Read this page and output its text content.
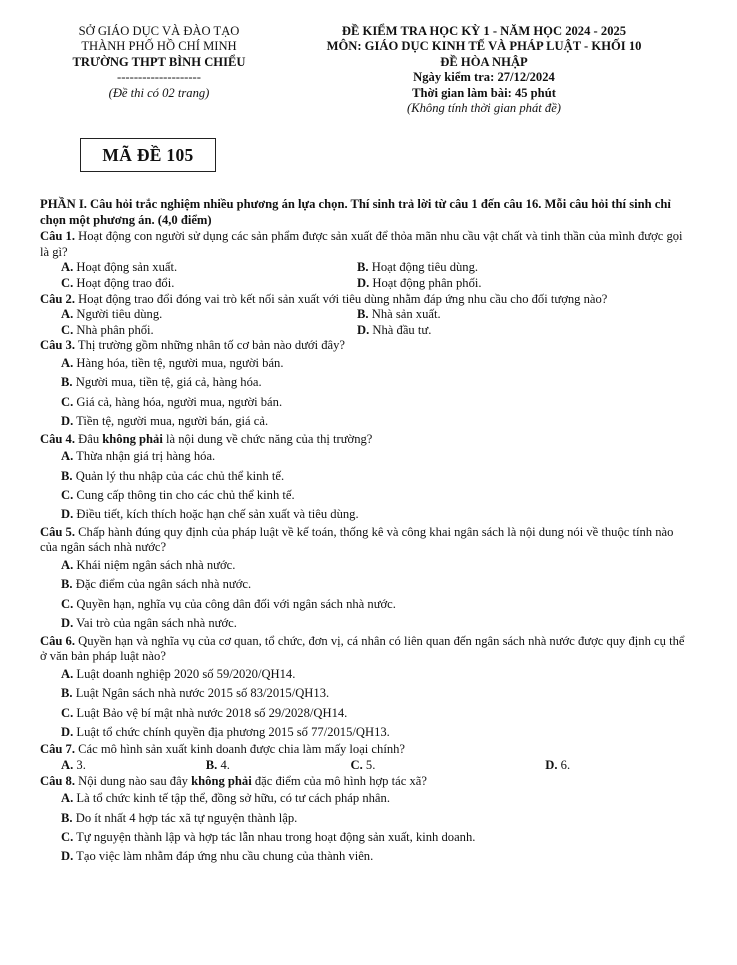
SỞ GIÁO DỤC VÀ ĐÀO TẠO
THÀNH PHỐ HỒ CHÍ MINH
TRƯỜNG THPT BÌNH CHIỂU
--------------------
(Đề thi có 02 trang)
ĐỀ KIỂM TRA HỌC KỲ 1 - NĂM HỌC 2024 - 2025
MÔN: GIÁO DỤC KINH TẾ VÀ PHÁP LUẬT - KHỐI 10
ĐỀ HÒA NHẬP
Ngày kiểm tra: 27/12/2024
Thời gian làm bài: 45 phút
(Không tính thời gian phát đề)
MÃ ĐỀ 105
PHẦN I. Câu hỏi trắc nghiệm nhiều phương án lựa chọn. Thí sinh trả lời từ câu 1 đến câu 16. Mỗi câu hỏi thí sinh chỉ chọn một phương án. (4,0 điểm)
Câu 1. Hoạt động con người sử dụng các sản phẩm được sản xuất để thỏa mãn nhu cầu vật chất và tinh thần của mình được gọi là gì?
A. Hoạt động sản xuất.	B. Hoạt động tiêu dùng.
C. Hoạt động trao đổi.	D. Hoạt động phân phối.
Câu 2. Hoạt động trao đổi đóng vai trò kết nối sản xuất với tiêu dùng nhằm đáp ứng nhu cầu cho đối tượng nào?
A. Người tiêu dùng.	B. Nhà sản xuất.
C. Nhà phân phối.	D. Nhà đầu tư.
Câu 3. Thị trường gồm những nhân tố cơ bản nào dưới đây?
A. Hàng hóa, tiền tệ, người mua, người bán.
B. Người mua, tiền tệ, giá cả, hàng hóa.
C. Giá cả, hàng hóa, người mua, người bán.
D. Tiền tệ, người mua, người bán, giá cả.
Câu 4. Đâu không phải là nội dung về chức năng của thị trường?
A. Thừa nhận giá trị hàng hóa.
B. Quản lý thu nhập của các chủ thể kinh tế.
C. Cung cấp thông tin cho các chủ thể kinh tế.
D. Điều tiết, kích thích hoặc hạn chế sản xuất và tiêu dùng.
Câu 5. Chấp hành đúng quy định của pháp luật về kế toán, thống kê và công khai ngân sách là nội dung nói về thuộc tính nào của ngân sách nhà nước?
A. Khái niệm ngân sách nhà nước.
B. Đặc điểm của ngân sách nhà nước.
C. Quyền hạn, nghĩa vụ của công dân đối với ngân sách nhà nước.
D. Vai trò của ngân sách nhà nước.
Câu 6. Quyền hạn và nghĩa vụ của cơ quan, tổ chức, đơn vị, cá nhân có liên quan đến ngân sách nhà nước được quy định cụ thể ở văn bản pháp luật nào?
A. Luật doanh nghiệp 2020 số 59/2020/QH14.
B. Luật Ngân sách nhà nước 2015 số 83/2015/QH13.
C. Luật Bảo vệ bí mật nhà nước 2018 số 29/2028/QH14.
D. Luật tổ chức chính quyền địa phương 2015 số 77/2015/QH13.
Câu 7. Các mô hình sản xuất kinh doanh được chia làm mấy loại chính?
A. 3.	B. 4.	C. 5.	D. 6.
Câu 8. Nội dung nào sau đây không phải đặc điểm của mô hình hợp tác xã?
A. Là tổ chức kinh tế tập thể, đồng sở hữu, có tư cách pháp nhân.
B. Do ít nhất 4 hợp tác xã tự nguyện thành lập.
C. Tự nguyện thành lập và hợp tác lẫn nhau trong hoạt động sản xuất, kinh doanh.
D. Tạo việc làm nhằm đáp ứng nhu cầu chung của thành viên.
